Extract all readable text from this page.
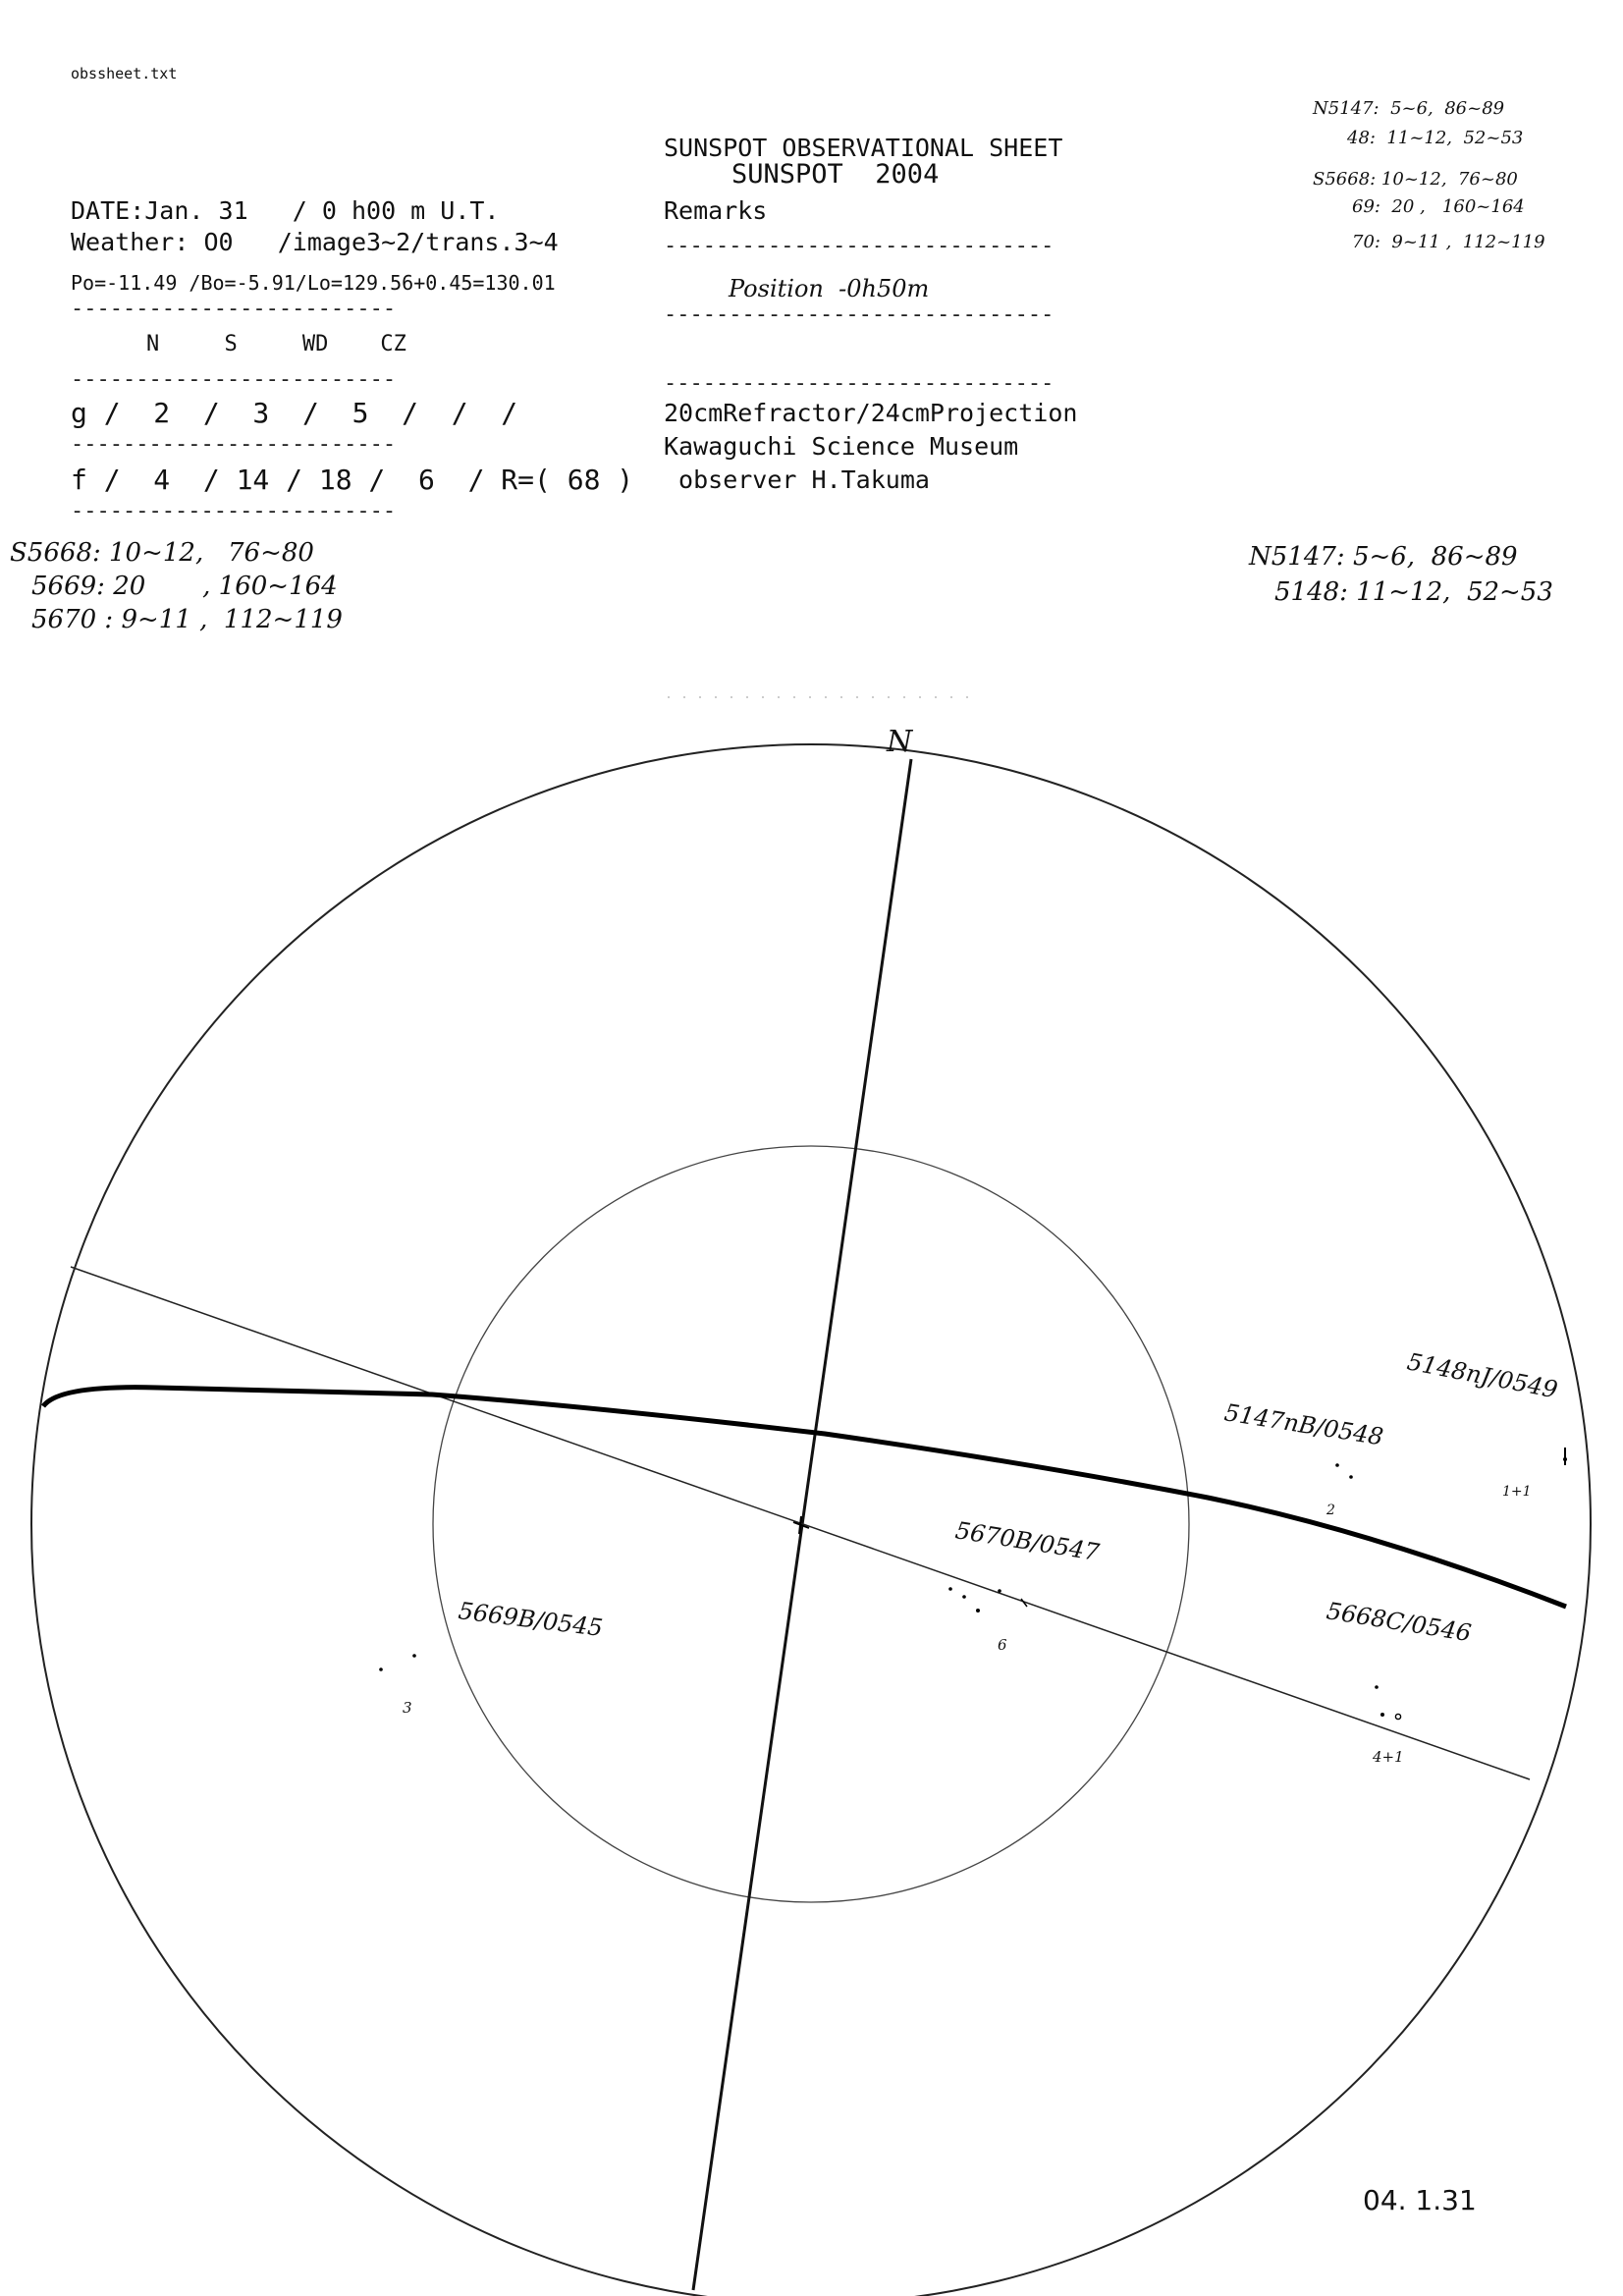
obssheet.txt
SUNSPOT OBSERVATIONAL SHEET
SUNSPOT  2004
N5147:  5~6,  86~89
48:  11~12,  52~53
S5668: 10~12,  76~80
69:  20 ,   160~164
70:  9~11 ,  112~119
DATE:Jan. 31   / 0 h00 m U.T.
Weather: O0   /image3~2/trans.3~4
Po=-11.49 /Bo=-5.91/Lo=129.56+0.45=130.01
-------------------------
N     S     WD    CZ
-------------------------
g /  2  /  3  /  5  /  /  /
-------------------------
f /  4  / 14 / 18 /  6  / R=( 68 )
-------------------------
Remarks
------------------------------
Position  -0h50m
------------------------------
------------------------------
20cmRefractor/24cmProjection
Kawaguchi Science Museum
observer H.Takuma
S5668: 10~12,   76~80
5669: 20       , 160~164
5670 : 9~11 ,  112~119
N5147: 5~6,  86~89
5148: 11~12,  52~53
N
5148nJ/0549
1+1
5147nB/0548
2
5670B/0547
6
5669B/0545
3
5668C/0546
4+1
04. 1.31
